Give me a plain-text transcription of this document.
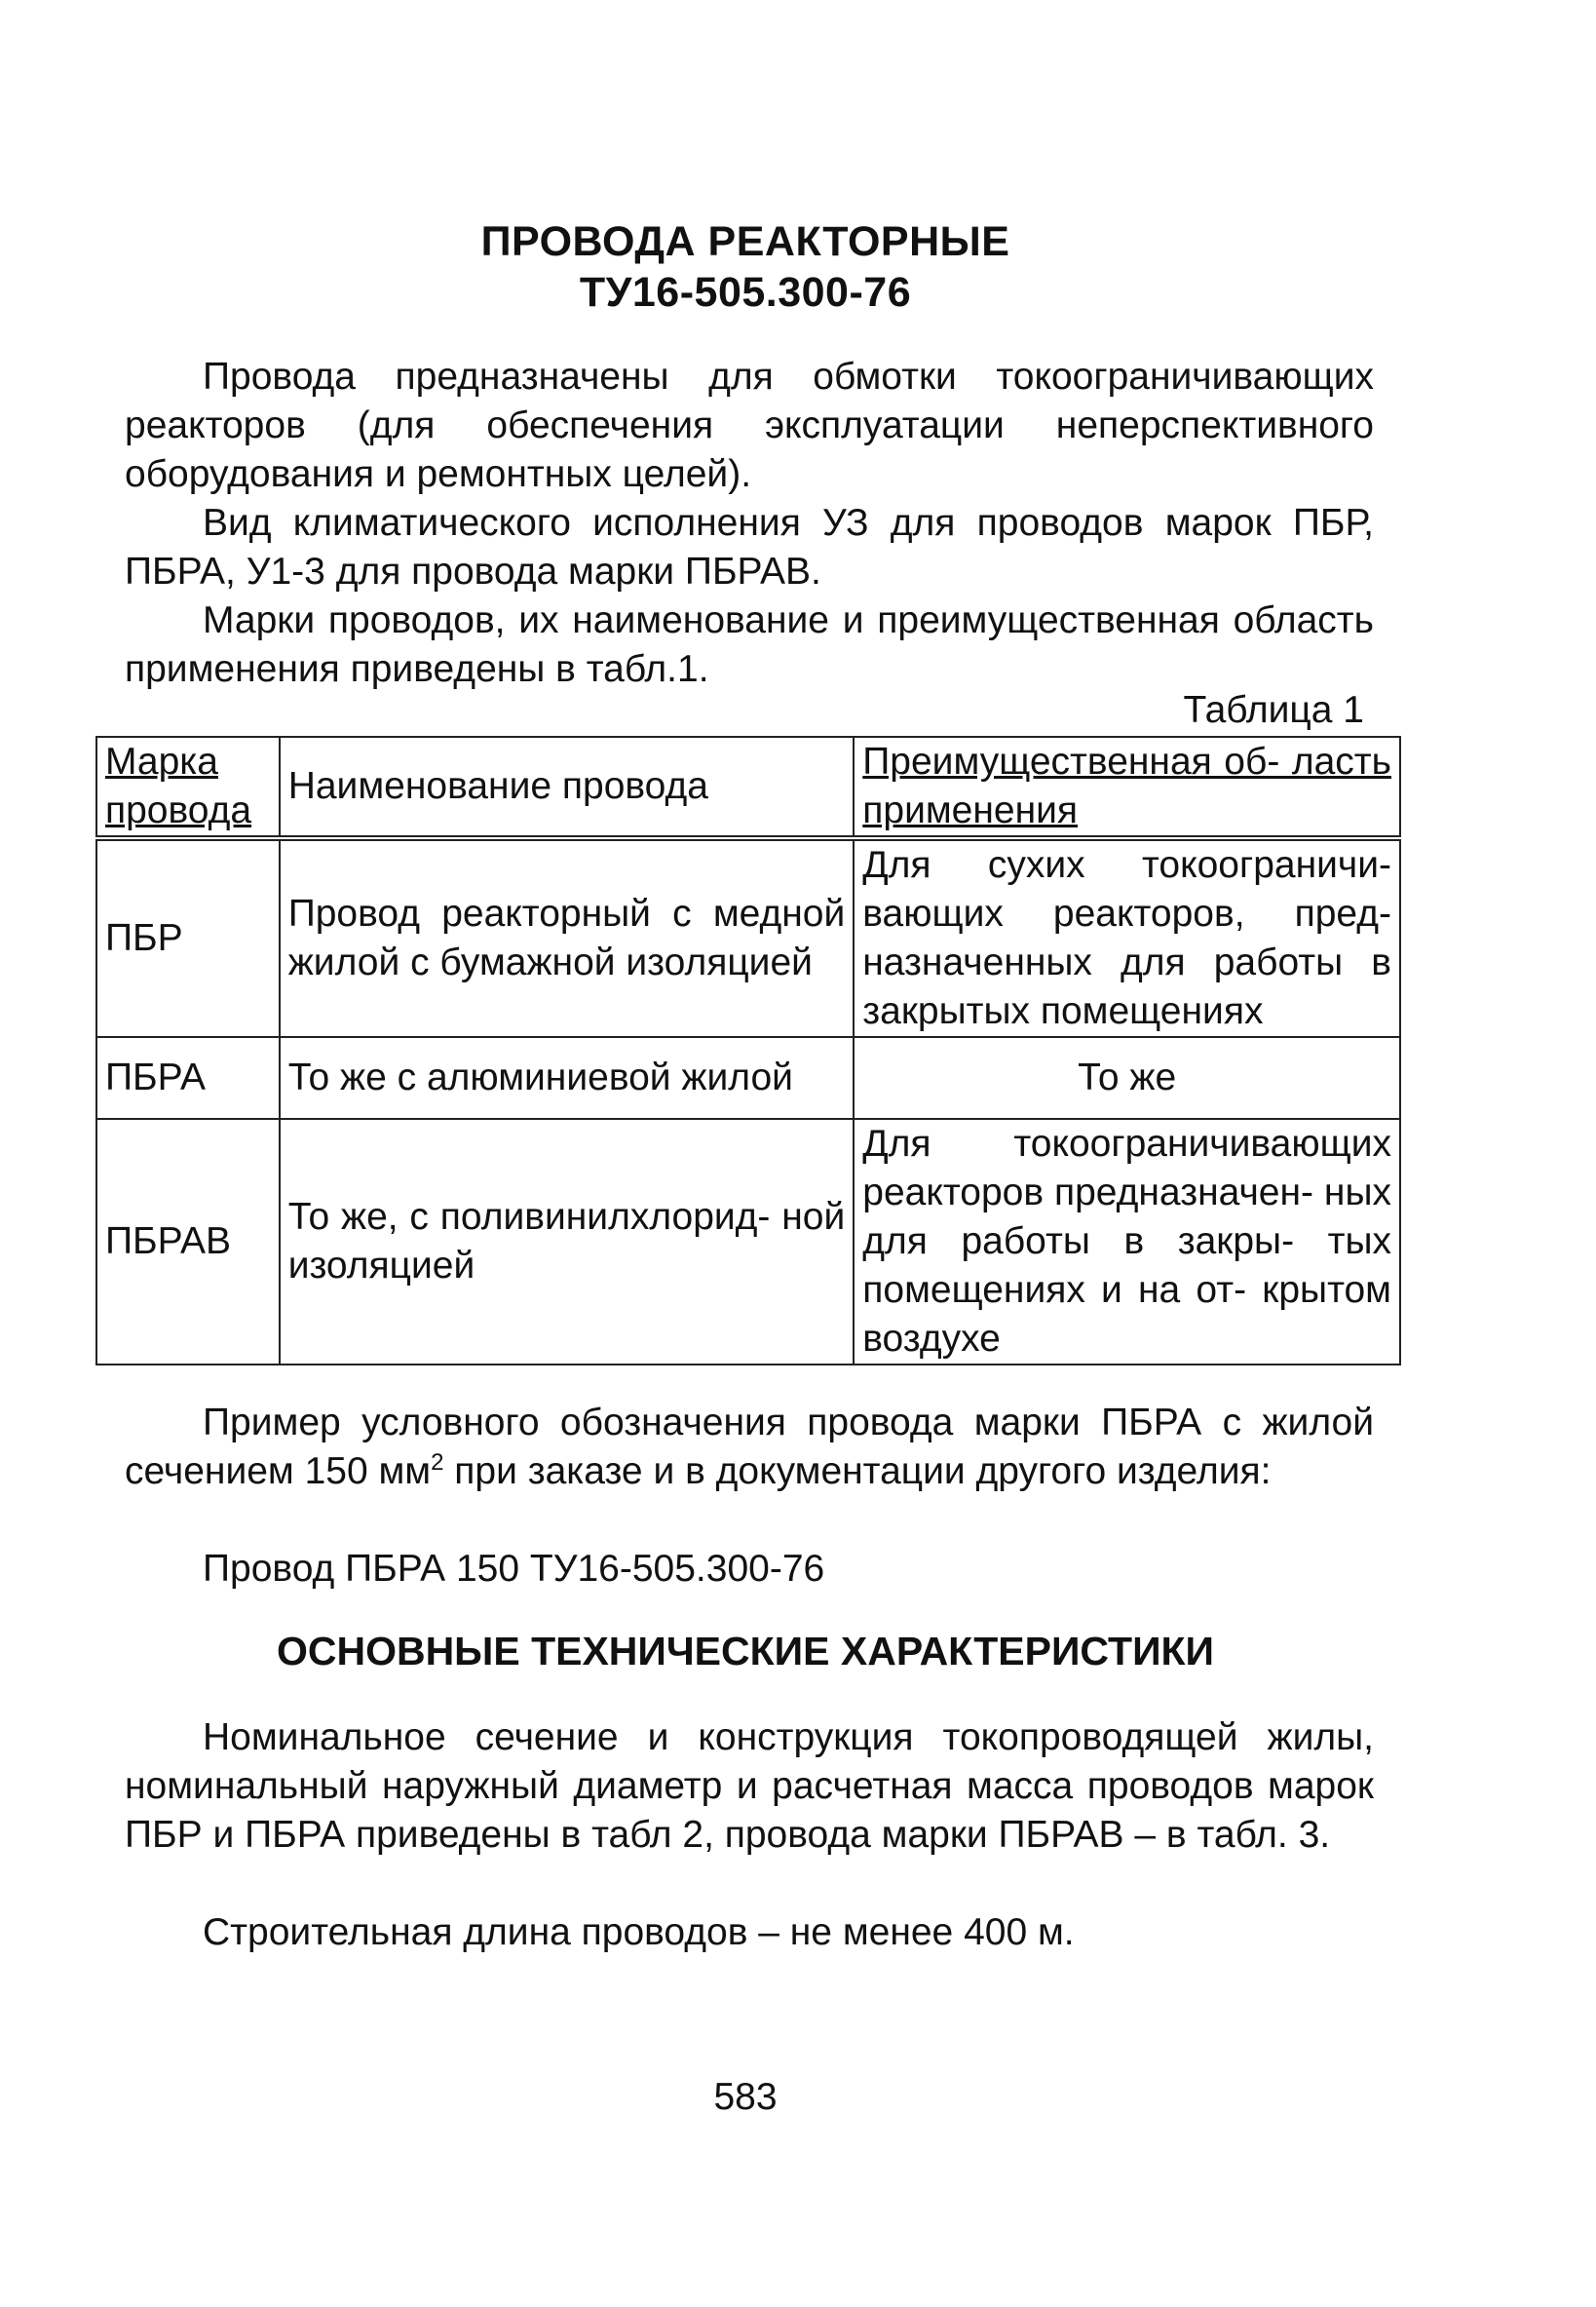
ПРОВОДА РЕАКТОРНЫЕ
ТУ16-505.300-76
Провода предназначены для обмотки токоограничивающих реакторов (для обеспечения эксплуатации неперспективного оборудования и ремонтных целей).
Вид климатического исполнения УЗ для проводов марок ПБР, ПБРА, У1-3 для провода марки ПБРАВ.
Марки проводов, их наименование и преимущественная область применения приведены в табл.1.
Таблица 1
Марка провода	Наименование провода	Преимущественная об- ласть применения
ПБР	Провод реакторный с медной жилой с бумажной изоляцией	Для сухих токоограничи- вающих реакторов, пред- назначенных для работы в закрытых помещениях
ПБРА	То же с алюминиевой жилой	То же
ПБРАВ	То же, с поливинилхлорид- ной изоляцией	Для токоограничивающих реакторов предназначен- ных для работы в закры- тых помещениях и на от- крытом воздухе
Пример условного обозначения провода марки ПБРА с жилой сечением 150 $мм^2$ при заказе и в документации другого изделия:
Провод ПБРА 150 ТУ16-505.300-76
ОСНОВНЫЕ ТЕХНИЧЕСКИЕ ХАРАКТЕРИСТИКИ
Номинальное сечение и конструкция токопроводящей жилы, номинальный наружный диаметр и расчетная масса проводов марок ПБР и ПБРА приведены в табл 2, провода марки ПБРАВ – в табл. 3.
Строительная длина проводов – не менее 400 м.
583
